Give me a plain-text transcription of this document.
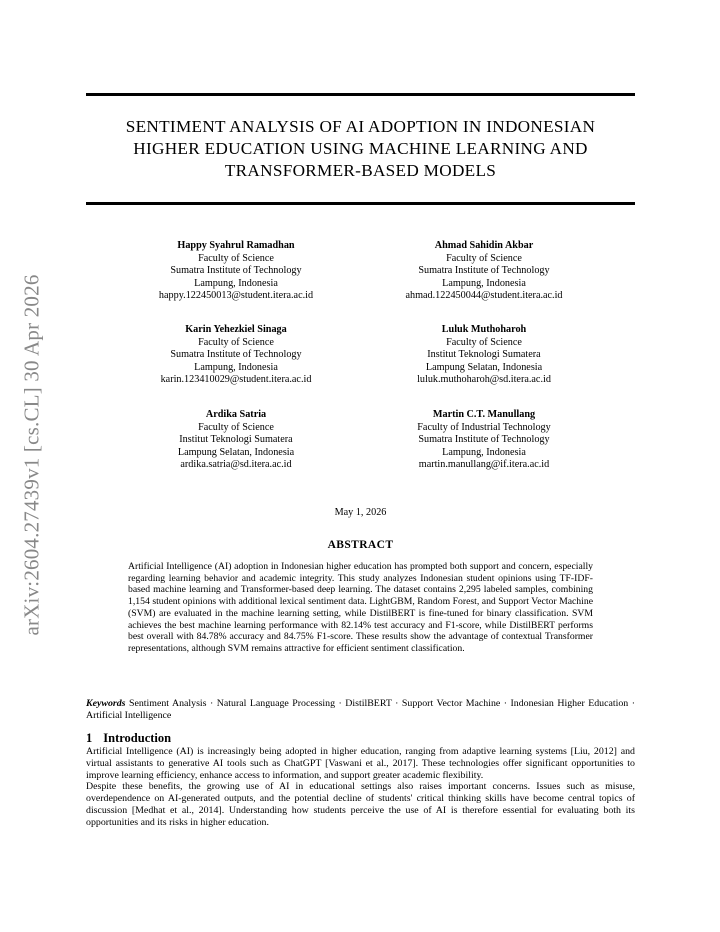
arXiv:2604.27439v1 [cs.CL] 30 Apr 2026
SENTIMENT ANALYSIS OF AI ADOPTION IN INDONESIAN
HIGHER EDUCATION USING MACHINE LEARNING AND
TRANSFORMER-BASED MODELS
Happy Syahrul Ramadhan
Faculty of Science
Sumatra Institute of Technology
Lampung, Indonesia
happy.122450013@student.itera.ac.id
Ahmad Sahidin Akbar
Faculty of Science
Sumatra Institute of Technology
Lampung, Indonesia
ahmad.122450044@student.itera.ac.id
Karin Yehezkiel Sinaga
Faculty of Science
Sumatra Institute of Technology
Lampung, Indonesia
karin.123410029@student.itera.ac.id
Luluk Muthoharoh
Faculty of Science
Institut Teknologi Sumatera
Lampung Selatan, Indonesia
luluk.muthoharoh@sd.itera.ac.id
Ardika Satria
Faculty of Science
Institut Teknologi Sumatera
Lampung Selatan, Indonesia
ardika.satria@sd.itera.ac.id
Martin C.T. Manullang
Faculty of Industrial Technology
Sumatra Institute of Technology
Lampung, Indonesia
martin.manullang@if.itera.ac.id
May 1, 2026
ABSTRACT
Artificial Intelligence (AI) adoption in Indonesian higher education has prompted both support and concern, especially regarding learning behavior and academic integrity. This study analyzes Indonesian student opinions using TF-IDF-based machine learning and Transformer-based deep learning. The dataset contains 2,295 labeled samples, combining 1,154 student opinions with additional lexical sentiment data. LightGBM, Random Forest, and Support Vector Machine (SVM) are evaluated in the machine learning setting, while DistilBERT is fine-tuned for binary classification. SVM achieves the best machine learning performance with 82.14% test accuracy and F1-score, while DistilBERT performs best overall with 84.78% accuracy and 84.75% F1-score. These results show the advantage of contextual Transformer representations, although SVM remains attractive for efficient sentiment classification.
Keywords Sentiment Analysis · Natural Language Processing · DistilBERT · Support Vector Machine · Indonesian Higher Education · Artificial Intelligence
1 Introduction

Artificial Intelligence (AI) is increasingly being adopted in higher education, ranging from adaptive learning systems [Liu, 2012] and virtual assistants to generative AI tools such as ChatGPT [Vaswani et al., 2017]. These technologies offer significant opportunities to improve learning efficiency, enhance access to information, and support greater academic flexibility.

Despite these benefits, the growing use of AI in educational settings also raises important concerns. Issues such as misuse, overdependence on AI-generated outputs, and the potential decline of students' critical thinking skills have become central topics of discussion [Medhat et al., 2014]. Understanding how students perceive the use of AI is therefore essential for evaluating both its opportunities and its risks in higher education.
